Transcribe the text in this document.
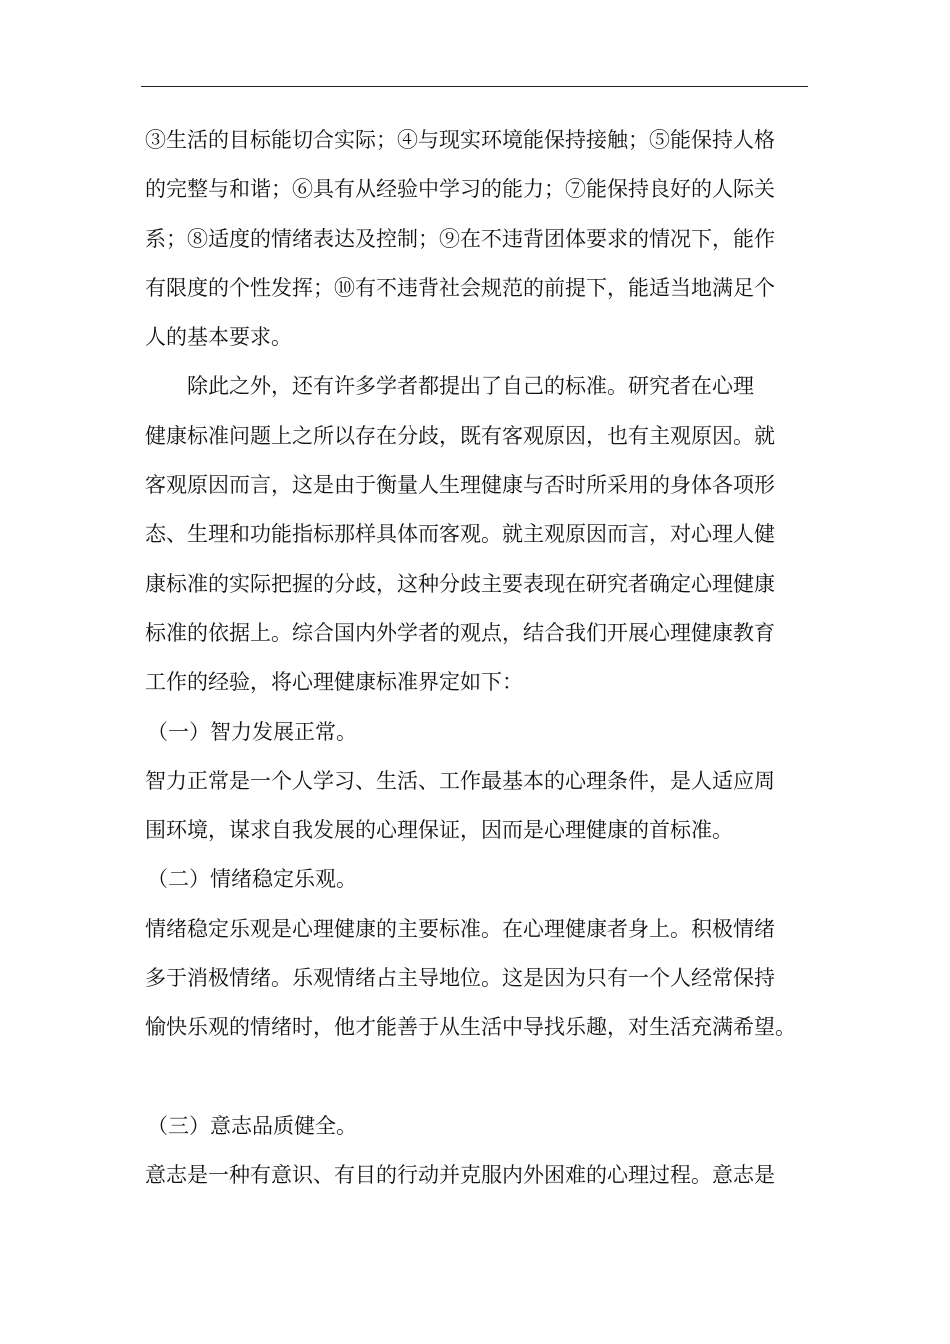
③生活的目标能切合实际；④与现实环境能保持接触；⑤能保持人格
的完整与和谐；⑥具有从经验中学习的能力；⑦能保持良好的人际关
系；⑧适度的情绪表达及控制；⑨在不违背团体要求的情况下，能作
有限度的个性发挥；⑩有不违背社会规范的前提下，能适当地满足个
人的基本要求。
除此之外，还有许多学者都提出了自己的标准。研究者在心理
健康标准问题上之所以存在分歧，既有客观原因，也有主观原因。就
客观原因而言，这是由于衡量人生理健康与否时所采用的身体各项形
态、生理和功能指标那样具体而客观。就主观原因而言，对心理人健
康标准的实际把握的分歧，这种分歧主要表现在研究者确定心理健康
标准的依据上。综合国内外学者的观点，结合我们开展心理健康教育
工作的经验，将心理健康标准界定如下：
（一）智力发展正常。
智力正常是一个人学习、生活、工作最基本的心理条件，是人适应周
围环境，谋求自我发展的心理保证，因而是心理健康的首标准。
（二）情绪稳定乐观。
情绪稳定乐观是心理健康的主要标准。在心理健康者身上。积极情绪
多于消极情绪。乐观情绪占主导地位。这是因为只有一个人经常保持
愉快乐观的情绪时，他才能善于从生活中导找乐趣，对生活充满希望。
（三）意志品质健全。
意志是一种有意识、有目的行动并克服内外困难的心理过程。意志是
